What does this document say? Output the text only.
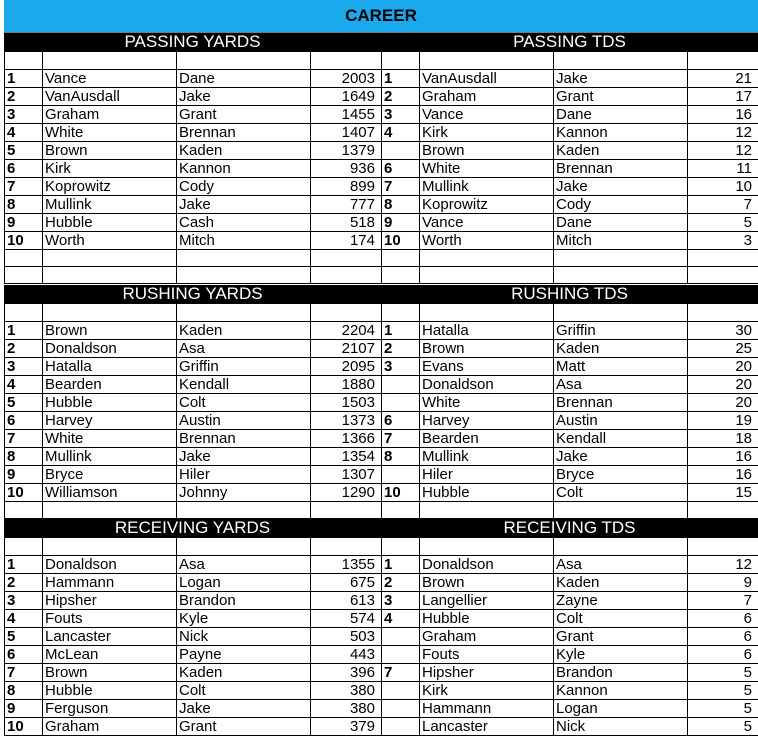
CAREER
PASSING YARDS

1	Vance	Dane	2003
2	VanAusdall	Jake	1649
3	Graham	Grant	1455
4	White	Brennan	1407
5	Brown	Kaden	1379
6	Kirk	Kannon	936
7	Koprowitz	Cody	899
8	Mullink	Jake	777
9	Hubble	Cash	518
10	Worth	Mitch	174

PASSING TDS

1	VanAusdall	Jake	21
2	Graham	Grant	17
3	Vance	Dane	16
4	Kirk	Kannon	12
	Brown	Kaden	12
6	White	Brennan	11
7	Mullink	Jake	10
8	Koprowitz	Cody	7
9	Vance	Dane	5
10	Worth	Mitch	3

RUSHING YARDS

1	Brown	Kaden	2204
2	Donaldson	Asa	2107
3	Hatalla	Griffin	2095
4	Bearden	Kendall	1880
5	Hubble	Colt	1503
6	Harvey	Austin	1373
7	White	Brennan	1366
8	Mullink	Jake	1354
9	Bryce	Hiler	1307
10	Williamson	Johnny	1290

RUSHING TDS

1	Hatalla	Griffin	30
2	Brown	Kaden	25
3	Evans	Matt	20
	Donaldson	Asa	20
	White	Brennan	20
6	Harvey	Austin	19
7	Bearden	Kendall	18
8	Mullink	Jake	16
	Hiler	Bryce	16
10	Hubble	Colt	15

RECEIVING YARDS

1	Donaldson	Asa	1355
2	Hammann	Logan	675
3	Hipsher	Brandon	613
4	Fouts	Kyle	574
5	Lancaster	Nick	503
6	McLean	Payne	443
7	Brown	Kaden	396
8	Hubble	Colt	380
9	Ferguson	Jake	380
10	Graham	Grant	379
RECEIVING TDS

1	Donaldson	Asa	12
2	Brown	Kaden	9
3	Langellier	Zayne	7
4	Hubble	Colt	6
	Graham	Grant	6
	Fouts	Kyle	6
7	Hipsher	Brandon	5
	Kirk	Kannon	5
	Hammann	Logan	5
	Lancaster	Nick	5
